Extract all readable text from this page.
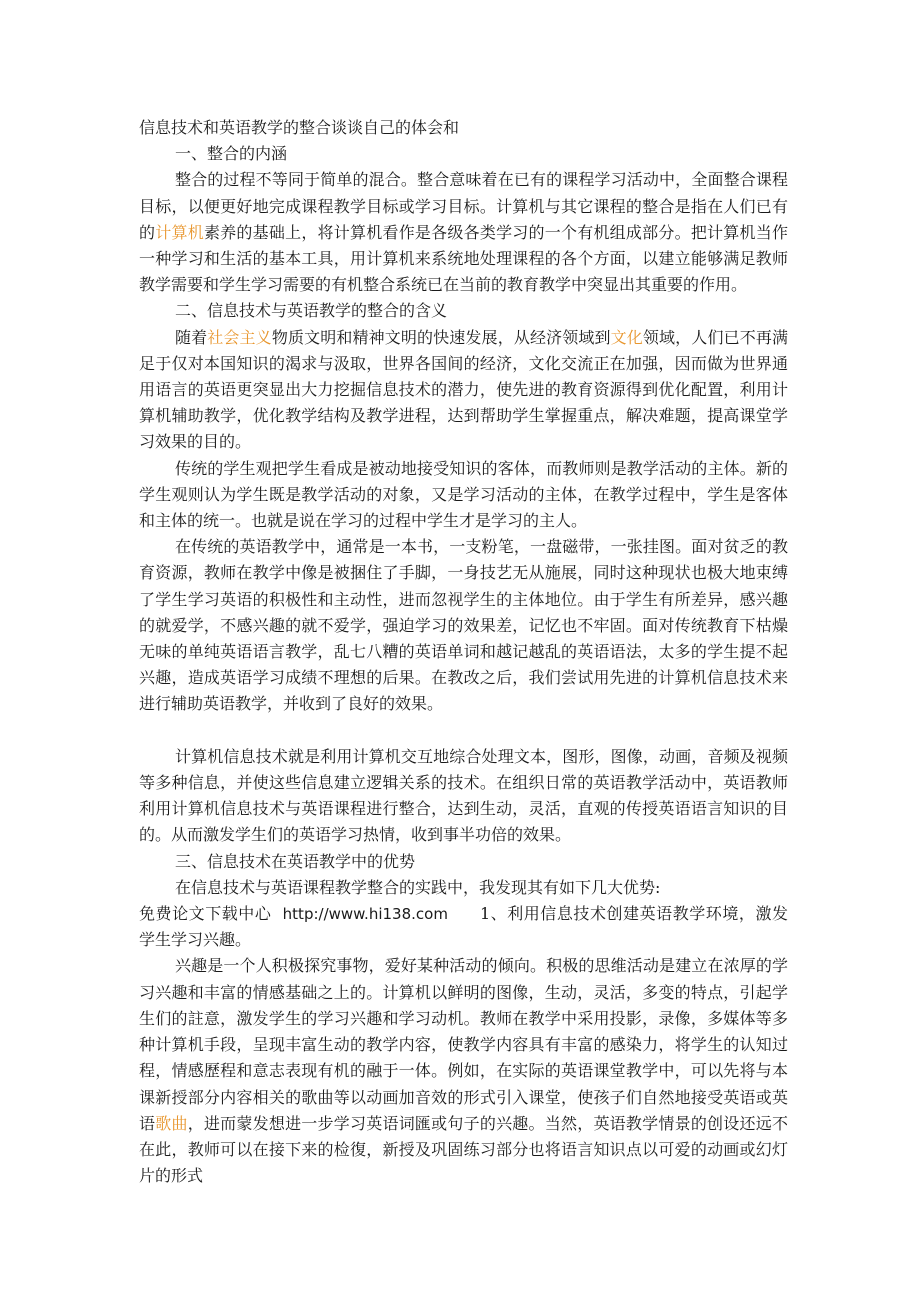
信息技术和英语教学的整合谈谈自己的体会和

一、整合的内涵

整合的过程不等同于简单的混合。整合意味着在已有的课程学习活动中，全面整合课程目标，以便更好地完成课程教学目标或学习目标。计算机与其它课程的整合是指在人们已有的计算机素养的基础上，将计算机看作是各级各类学习的一个有机组成部分。把计算机当作一种学习和生活的基本工具，用计算机来系统地处理课程的各个方面，以建立能够满足教师教学需要和学生学习需要的有机整合系统已在当前的教育教学中突显出其重要的作用。

二、信息技术与英语教学的整合的含义

随着社会主义物质文明和精神文明的快速发展，从经济领域到文化领域，人们已不再满足于仅对本国知识的渴求与汲取，世界各国间的经济，文化交流正在加强，因而做为世界通用语言的英语更突显出大力挖掘信息技术的潜力，使先进的教育资源得到优化配置，利用计算机辅助教学，优化教学结构及教学进程，达到帮助学生掌握重点，解决难题，提高课堂学习效果的目的。

传统的学生观把学生看成是被动地接受知识的客体，而教师则是教学活动的主体。新的学生观则认为学生既是教学活动的对象，又是学习活动的主体，在教学过程中，学生是客体和主体的统一。也就是说在学习的过程中学生才是学习的主人。

在传统的英语教学中，通常是一本书，一支粉笔，一盘磁带，一张挂图。面对贫乏的教育资源，教师在教学中像是被捆住了手脚，一身技艺无从施展，同时这种现状也极大地束缚了学生学习英语的积极性和主动性，进而忽视学生的主体地位。由于学生有所差异，感兴趣的就爱学，不感兴趣的就不爱学，强迫学习的效果差，记忆也不牢固。面对传统教育下枯燥无味的单纯英语语言教学，乱七八糟的英语单词和越记越乱的英语语法，太多的学生提不起兴趣，造成英语学习成绩不理想的后果。在教改之后，我们尝试用先进的计算机信息技术来进行辅助英语教学，并收到了良好的效果。

计算机信息技术就是利用计算机交互地综合处理文本，图形，图像，动画，音频及视频等多种信息，并使这些信息建立逻辑关系的技术。在组织日常的英语教学活动中，英语教师利用计算机信息技术与英语课程进行整合，达到生动，灵活，直观的传授英语语言知识的目的。从而激发学生们的英语学习热情，收到事半功倍的效果。

三、信息技术在英语教学中的优势

在信息技术与英语课程教学整合的实践中，我发现其有如下几大优势:

免费论文下载中心 http://www.hi138.com 1、利用信息技术创建英语教学环境，激发学生学习兴趣。

兴趣是一个人积极探究事物，爱好某种活动的倾向。积极的思维活动是建立在浓厚的学习兴趣和丰富的情感基础之上的。计算机以鲜明的图像，生动，灵活，多变的特点，引起学生们的註意，激发学生的学习兴趣和学习动机。教师在教学中采用投影，录像，多媒体等多种计算机手段，呈现丰富生动的教学内容，使教学内容具有丰富的感染力，将学生的认知过程，情感歷程和意志表现有机的融于一体。例如，在实际的英语课堂教学中，可以先将与本课新授部分内容相关的歌曲等以动画加音效的形式引入课堂，使孩子们自然地接受英语或英语歌曲，进而蒙发想进一步学习英语词匯或句子的兴趣。当然，英语教学情景的创设还远不在此，教师可以在接下来的检復，新授及巩固练习部分也将语言知识点以可爱的动画或幻灯片的形式
